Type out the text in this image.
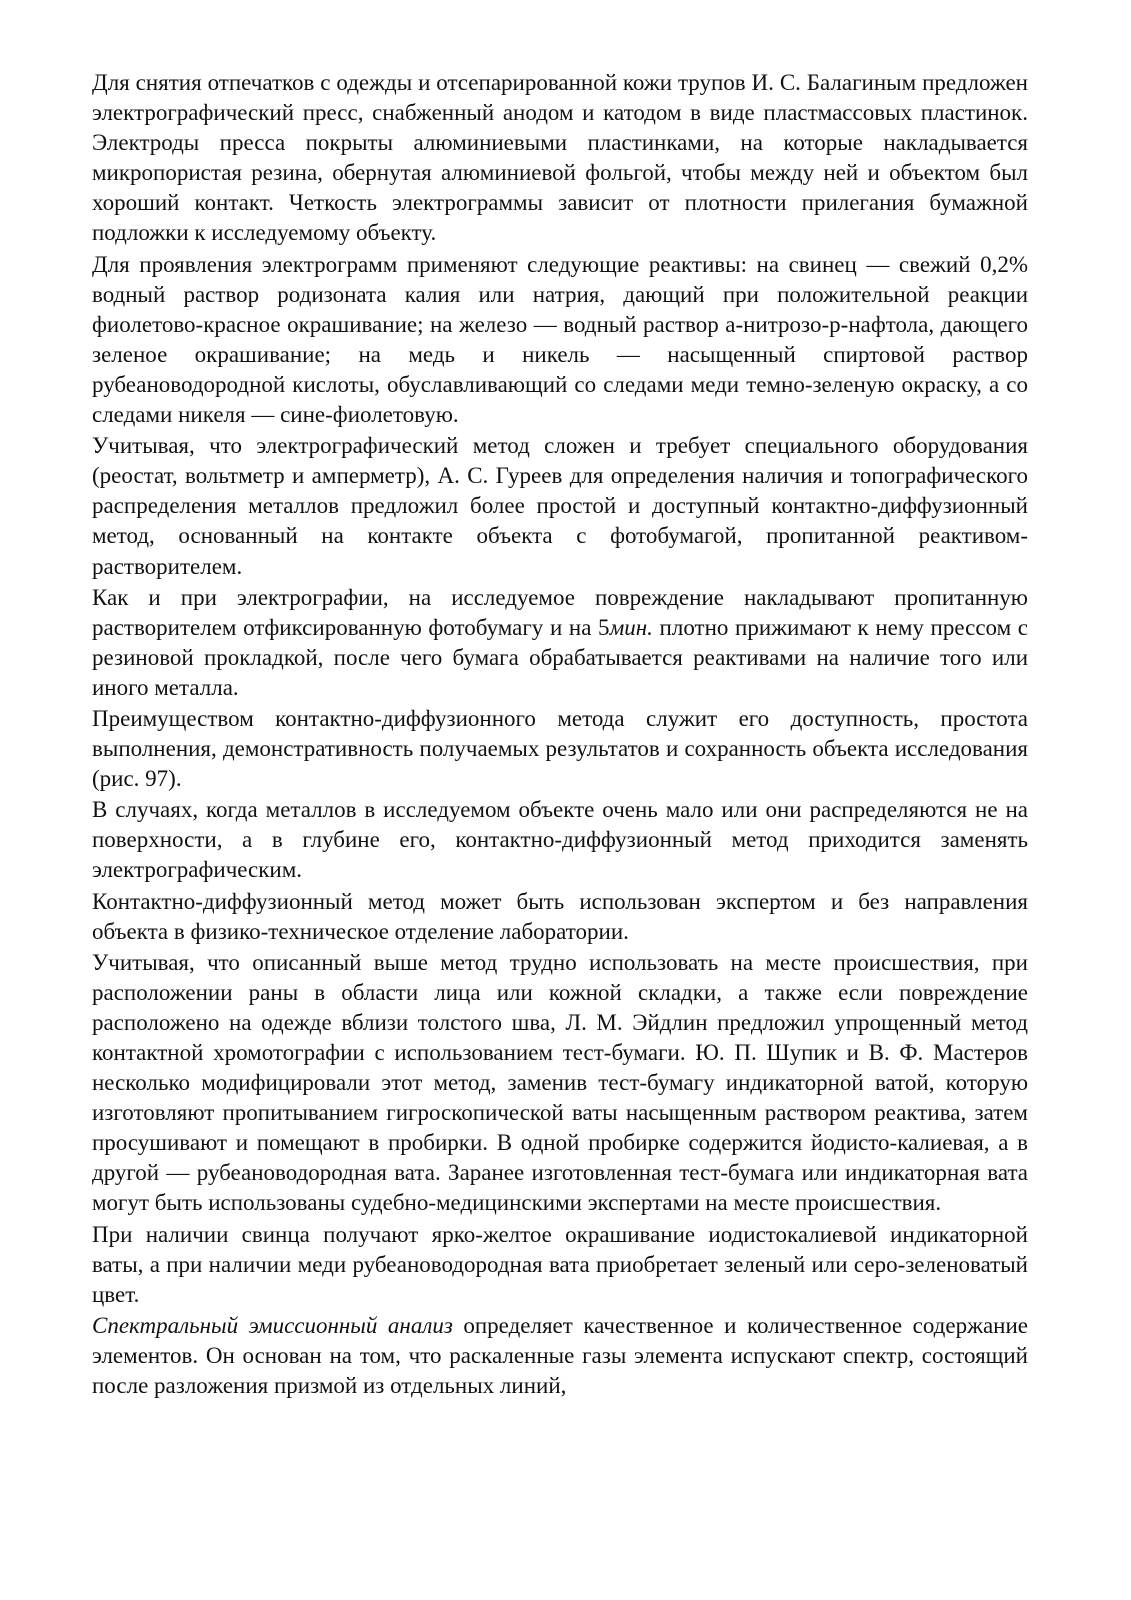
Для снятия отпечатков с одежды и отсепарированной кожи трупов И. С. Балагиным предложен электрографический пресс, снабженный анодом и катодом в виде пластмассовых пластинок. Электроды пресса покрыты алюминиевыми пластинками, на которые накладывается микропористая резина, обернутая алюминиевой фольгой, чтобы между ней и объектом был хороший контакт. Четкость электрограммы зависит от плотности прилегания бумажной подложки к исследуемому объекту.

Для проявления электрограмм применяют следующие реактивы: на свинец — свежий 0,2% водный раствор родизоната калия или натрия, дающий при положительной реакции фиолетово-красное окрашивание; на железо — водный раствор а-нитрозо-р-нафтола, дающего зеленое окрашивание; на медь и никель — насыщенный спиртовой раствор рубеановодородной кислоты, обуславливающий со следами меди темно-зеленую окраску, а со следами никеля — сине-фиолетовую.

Учитывая, что электрографический метод сложен и требует специального оборудования (реостат, вольтметр и амперметр), А. С. Гуреев для определения наличия и топографического распределения металлов предложил более простой и доступный контактно-диффузионный метод, основанный на контакте объекта с фотобумагой, пропитанной реактивом-растворителем.

Как и при электрографии, на исследуемое повреждение накладывают пропитанную растворителем отфиксированную фотобумагу и на 5мин. плотно прижимают к нему прессом с резиновой прокладкой, после чего бумага обрабатывается реактивами на наличие того или иного металла.

Преимуществом контактно-диффузионного метода служит его доступность, простота выполнения, демонстративность получаемых результатов и сохранность объекта исследования (рис. 97).

В случаях, когда металлов в исследуемом объекте очень мало или они распределяются не на поверхности, а в глубине его, контактно-диффузионный метод приходится заменять электрографическим.

Контактно-диффузионный метод может быть использован экспертом и без направления объекта в физико-техническое отделение лаборатории.

Учитывая, что описанный выше метод трудно использовать на месте происшествия, при расположении раны в области лица или кожной складки, а также если повреждение расположено на одежде вблизи толстого шва, Л. М. Эйдлин предложил упрощенный метод контактной хромотографии с использованием тест-бумаги. Ю. П. Шупик и В. Ф. Мастеров несколько модифицировали этот метод, заменив тест-бумагу индикаторной ватой, которую изготовляют пропитыванием гигроскопической ваты насыщенным раствором реактива, затем просушивают и помещают в пробирки. В одной пробирке содержится йодисто-калиевая, а в другой — рубеановодородная вата. Заранее изготовленная тест-бумага или индикаторная вата могут быть использованы судебно-медицинскими экспертами на месте происшествия.

При наличии свинца получают ярко-желтое окрашивание иодистокалиевой индикаторной ваты, а при наличии меди рубеановодородная вата приобретает зеленый или серо-зеленоватый цвет.

Спектральный эмиссионный анализ определяет качественное и количественное содержание элементов. Он основан на том, что раскаленные газы элемента испускают спектр, состоящий после разложения призмой из отдельных линий,
